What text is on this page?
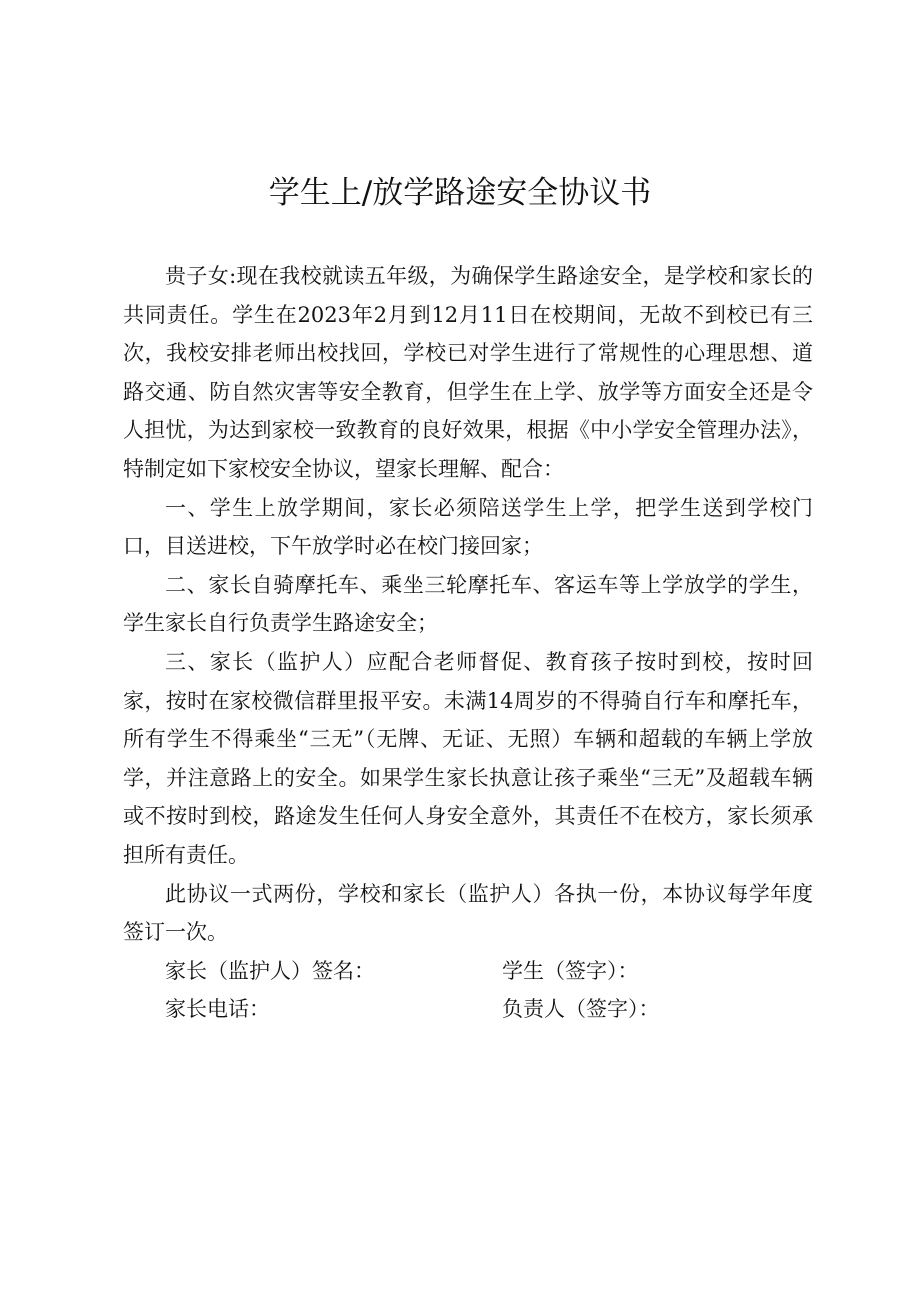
学生上/放学路途安全协议书

贵子女:现在我校就读五年级，为确保学生路途安全，是学校和家长的共同责任。学生在2023年2月到12月11日在校期间，无故不到校已有三次，我校安排老师出校找回，学校已对学生进行了常规性的心理思想、道路交通、防自然灾害等安全教育，但学生在上学、放学等方面安全还是令人担忧，为达到家校一致教育的良好效果，根据《中小学安全管理办法》，特制定如下家校安全协议，望家长理解、配合：

一、学生上放学期间，家长必须陪送学生上学，把学生送到学校门口，目送进校，下午放学时必在校门接回家；

二、家长自骑摩托车、乘坐三轮摩托车、客运车等上学放学的学生，学生家长自行负责学生路途安全；

三、家长（监护人）应配合老师督促、教育孩子按时到校，按时回家，按时在家校微信群里报平安。未满14周岁的不得骑自行车和摩托车，所有学生不得乘坐“三无”（无牌、无证、无照）车辆和超载的车辆上学放学，并注意路上的安全。如果学生家长执意让孩子乘坐“三无”及超载车辆或不按时到校，路途发生任何人身安全意外，其责任不在校方，家长须承担所有责任。

此协议一式两份，学校和家长（监护人）各执一份，本协议每学年度签订一次。

家长（监护人）签名：	学生（签字）：
家长电话：	负责人（签字）：
